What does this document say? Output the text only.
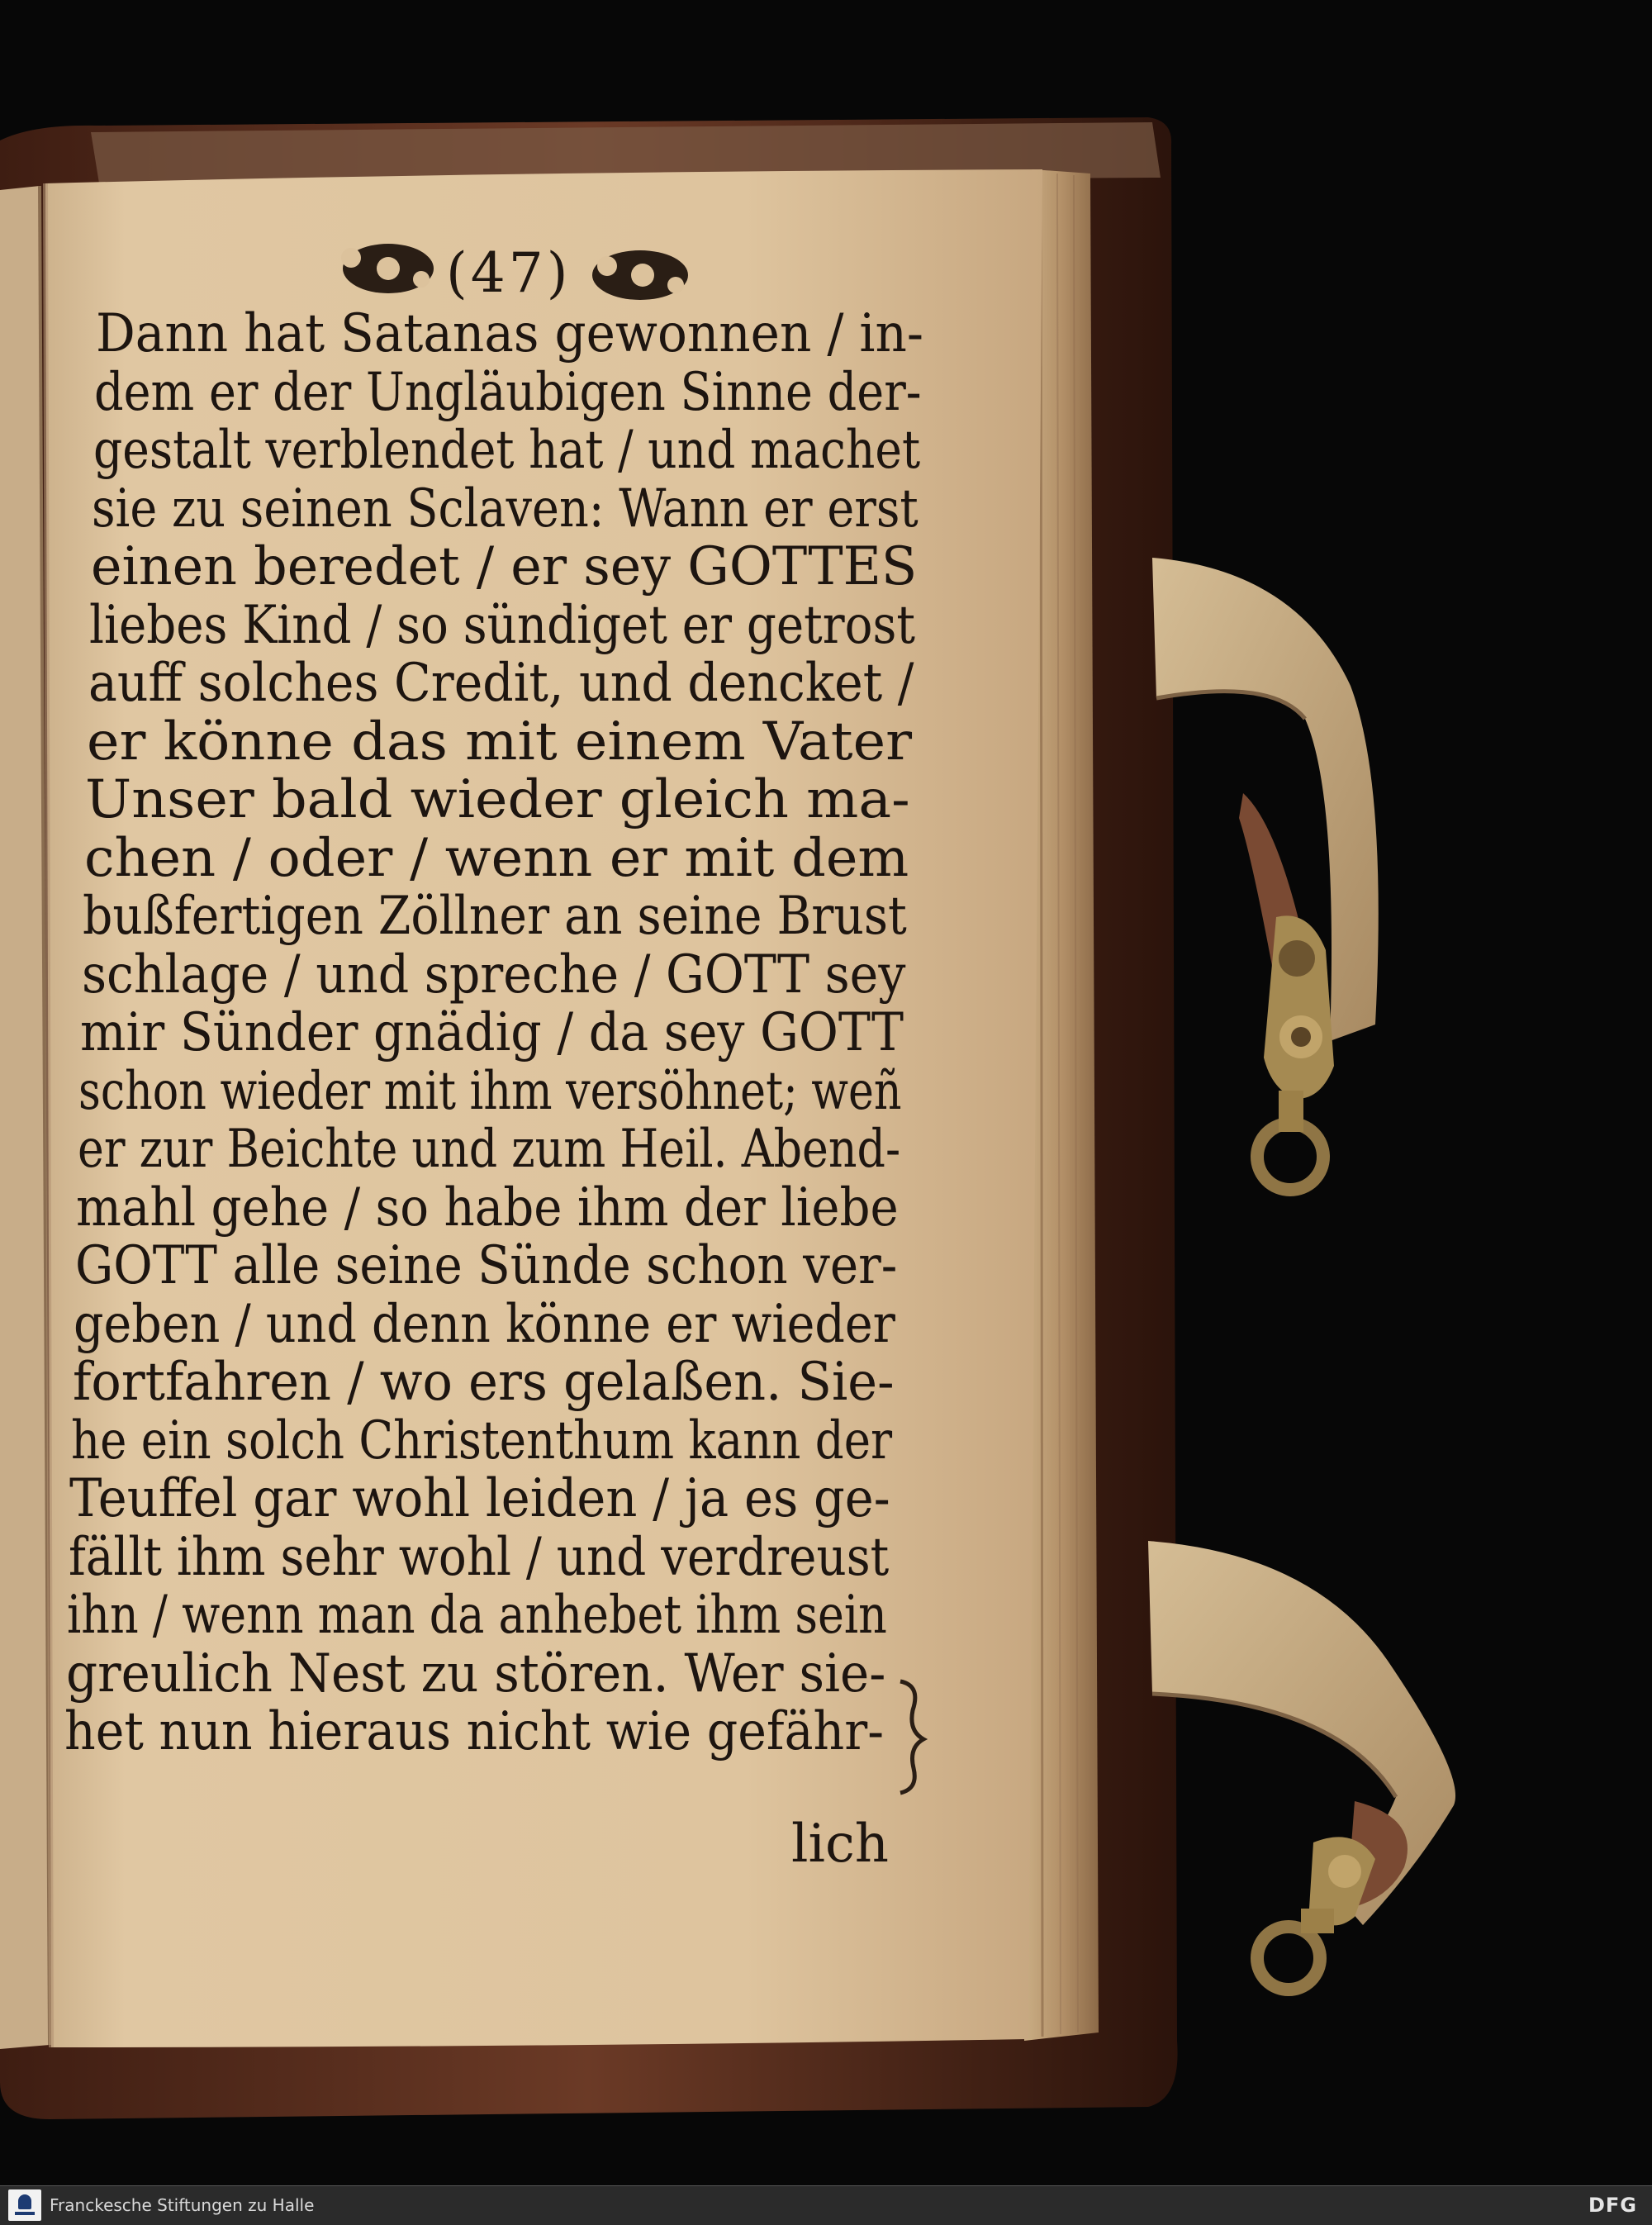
(47)
Dann hat Satanas gewonnen / in-
dem er der Ungläubigen Sinne der-
gestalt verblendet hat / und machet
sie zu seinen Sclaven: Wann er erst
einen beredet / er sey GOTTES
liebes Kind / so sündiget er getrost
auff solches Credit, und dencket /
er könne das mit einem Vater
Unser bald wieder gleich ma-
chen / oder / wenn er mit dem
bußfertigen Zöllner an seine Brust
schlage / und spreche / GOTT sey
mir Sünder gnädig / da sey GOTT
schon wieder mit ihm versöhnet; weñ
er zur Beichte und zum Heil. Abend-
mahl gehe / so habe ihm der liebe
GOTT alle seine Sünde schon ver-
geben / und denn könne er wieder
fortfahren / wo ers gelaßen. Sie-
he ein solch Christenthum kann der
Teuffel gar wohl leiden / ja es ge-
fällt ihm sehr wohl / und verdreust
ihn / wenn man da anhebet ihm sein
greulich Nest zu stören. Wer sie-
het nun hieraus nicht wie gefähr-
lich
Franckesche Stiftungen zu Halle	DFG
